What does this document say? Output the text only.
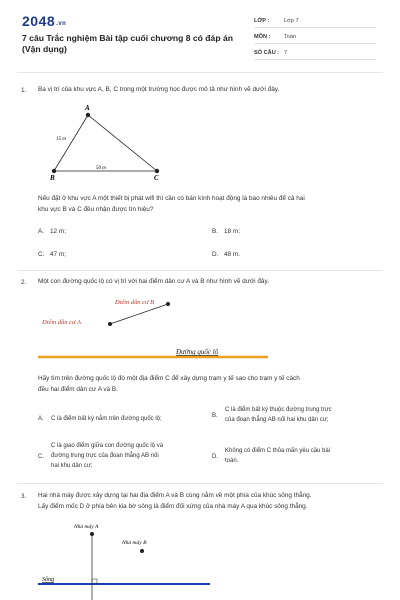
2048.vn
7 câu Trắc nghiệm Bài tập cuối chương 8 có đáp án (Vận dụng)
LỚP :	Lớp 7
MÔN : Toán
SỐ CÂU : 7
1. Ba vị trí của khu vực A, B, C trong một trường học được mô tả như hình vẽ dưới đây.
A
B	C
15 m
50 m
Nếu đặt ở khu vực A một thiết bị phát wifi thì cần có bán kính hoạt động là bao nhiêu để cả hai
khu vực B và C đều nhận được tín hiệu?
A. 12 m;	B. 18 m;
C. 47 m;	D. 48 m.
2. Một con đường quốc lộ có vị trí với hai điểm dân cư A và B như hình vẽ dưới đây.
Điểm dân cư B
Điểm dân cư A
Đường quốc lộ
Hãy tìm trên đường quốc lộ đó một địa điểm C để xây dựng trạm y tế sao cho trạm y tế cách
đều hai điểm dân cư A và B.
A. C là điểm bất kỳ nằm trên đường quốc lộ;	B.
C là điểm bất kỳ thuộc đường trung trực
của đoạn thẳng AB nối hai khu dân cư;
C.
C là giao điểm giữa con đường quốc lộ và
đường trung trực của đoạn thẳng AB nối
hai khu dân cư;
D.
Không có điểm C thỏa mãn yêu cầu bài
toán.
3. Hai nhà máy được xây dựng tại hai địa điểm A và B cùng nằm về một phía của khúc sông thẳng.
Lấy điểm mốc D ở phía bên kia bờ sông là điểm đối xứng của nhà máy A qua khúc sông thẳng.
Nhà máy A
Nhà máy B
Sông
